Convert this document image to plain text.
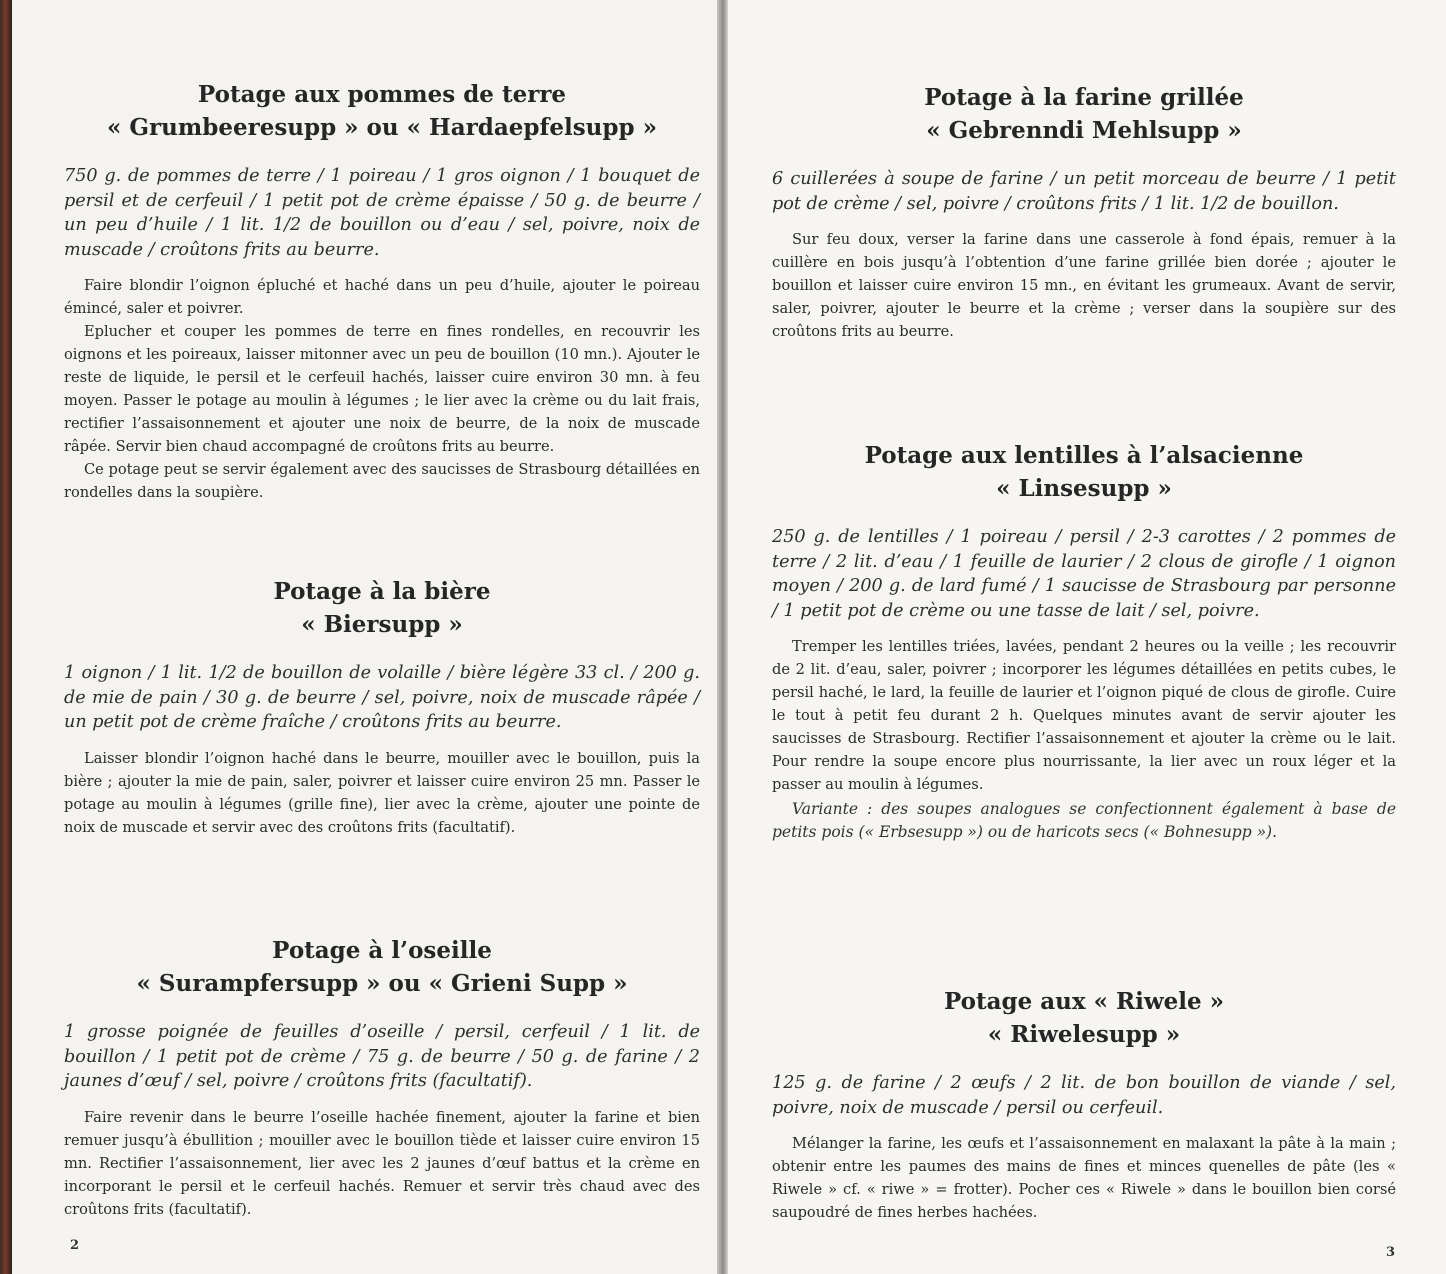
Potage aux pommes de terre
« Grumbeeresupp » ou « Hardaepfelsupp »

750 g. de pommes de terre / 1 poireau / 1 gros oignon / 1 bouquet de persil et de cerfeuil / 1 petit pot de crème épaisse / 50 g. de beurre / un peu d’huile / 1 lit. 1/2 de bouillon ou d’eau / sel, poivre, noix de muscade / croûtons frits au beurre.

Faire blondir l’oignon épluché et haché dans un peu d’huile, ajouter le poireau émincé, saler et poivrer.

Eplucher et couper les pommes de terre en fines rondelles, en recouvrir les oignons et les poireaux, laisser mitonner avec un peu de bouillon (10 mn.). Ajouter le reste de liquide, le persil et le cerfeuil hachés, laisser cuire environ 30 mn. à feu moyen. Passer le potage au moulin à légumes ; le lier avec la crème ou du lait frais, rectifier l’assaisonnement et ajouter une noix de beurre, de la noix de muscade râpée. Servir bien chaud accompagné de croûtons frits au beurre.

Ce potage peut se servir également avec des saucisses de Strasbourg détaillées en rondelles dans la soupière.

Potage à la bière
« Biersupp »

1 oignon / 1 lit. 1/2 de bouillon de volaille / bière légère 33 cl. / 200 g. de mie de pain / 30 g. de beurre / sel, poivre, noix de muscade râpée / un petit pot de crème fraîche / croûtons frits au beurre.

Laisser blondir l’oignon haché dans le beurre, mouiller avec le bouillon, puis la bière ; ajouter la mie de pain, saler, poivrer et laisser cuire environ 25 mn. Passer le potage au moulin à légumes (grille fine), lier avec la crème, ajouter une pointe de noix de muscade et servir avec des croûtons frits (facultatif).

Potage à l’oseille
« Surampfersupp » ou « Grieni Supp »

1 grosse poignée de feuilles d’oseille / persil, cerfeuil / 1 lit. de bouillon / 1 petit pot de crème / 75 g. de beurre / 50 g. de farine / 2 jaunes d’œuf / sel, poivre / croûtons frits (facultatif).

Faire revenir dans le beurre l’oseille hachée finement, ajouter la farine et bien remuer jusqu’à ébullition ; mouiller avec le bouillon tiède et laisser cuire environ 15 mn. Rectifier l’assaisonnement, lier avec les 2 jaunes d’œuf battus et la crème en incorporant le persil et le cerfeuil hachés. Remuer et servir très chaud avec des croûtons frits (facultatif).

2
Potage à la farine grillée
« Gebrenndi Mehlsupp »

6 cuillerées à soupe de farine / un petit morceau de beurre / 1 petit pot de crème / sel, poivre / croûtons frits / 1 lit. 1/2 de bouillon.

Sur feu doux, verser la farine dans une casserole à fond épais, remuer à la cuillère en bois jusqu’à l’obtention d’une farine grillée bien dorée ; ajouter le bouillon et laisser cuire environ 15 mn., en évitant les grumeaux. Avant de servir, saler, poivrer, ajouter le beurre et la crème ; verser dans la soupière sur des croûtons frits au beurre.

Potage aux lentilles à l’alsacienne
« Linsesupp »

250 g. de lentilles / 1 poireau / persil / 2-3 carottes / 2 pommes de terre / 2 lit. d’eau / 1 feuille de laurier / 2 clous de girofle / 1 oignon moyen / 200 g. de lard fumé / 1 saucisse de Strasbourg par personne / 1 petit pot de crème ou une tasse de lait / sel, poivre.

Tremper les lentilles triées, lavées, pendant 2 heures ou la veille ; les recouvrir de 2 lit. d’eau, saler, poivrer ; incorporer les légumes détaillées en petits cubes, le persil haché, le lard, la feuille de laurier et l’oignon piqué de clous de girofle. Cuire le tout à petit feu durant 2 h. Quelques minutes avant de servir ajouter les saucisses de Strasbourg. Rectifier l’assaisonnement et ajouter la crème ou le lait. Pour rendre la soupe encore plus nourrissante, la lier avec un roux léger et la passer au moulin à légumes.

Variante : des soupes analogues se confectionnent également à base de petits pois (« Erbsesupp ») ou de haricots secs (« Bohnesupp »).

Potage aux « Riwele »
« Riwelesupp »

125 g. de farine / 2 œufs / 2 lit. de bon bouillon de viande / sel, poivre, noix de muscade / persil ou cerfeuil.

Mélanger la farine, les œufs et l’assaisonnement en malaxant la pâte à la main ; obtenir entre les paumes des mains de fines et minces quenelles de pâte (les « Riwele » cf. « riwe » = frotter). Pocher ces « Riwele » dans le bouillon bien corsé saupoudré de fines herbes hachées.

3
